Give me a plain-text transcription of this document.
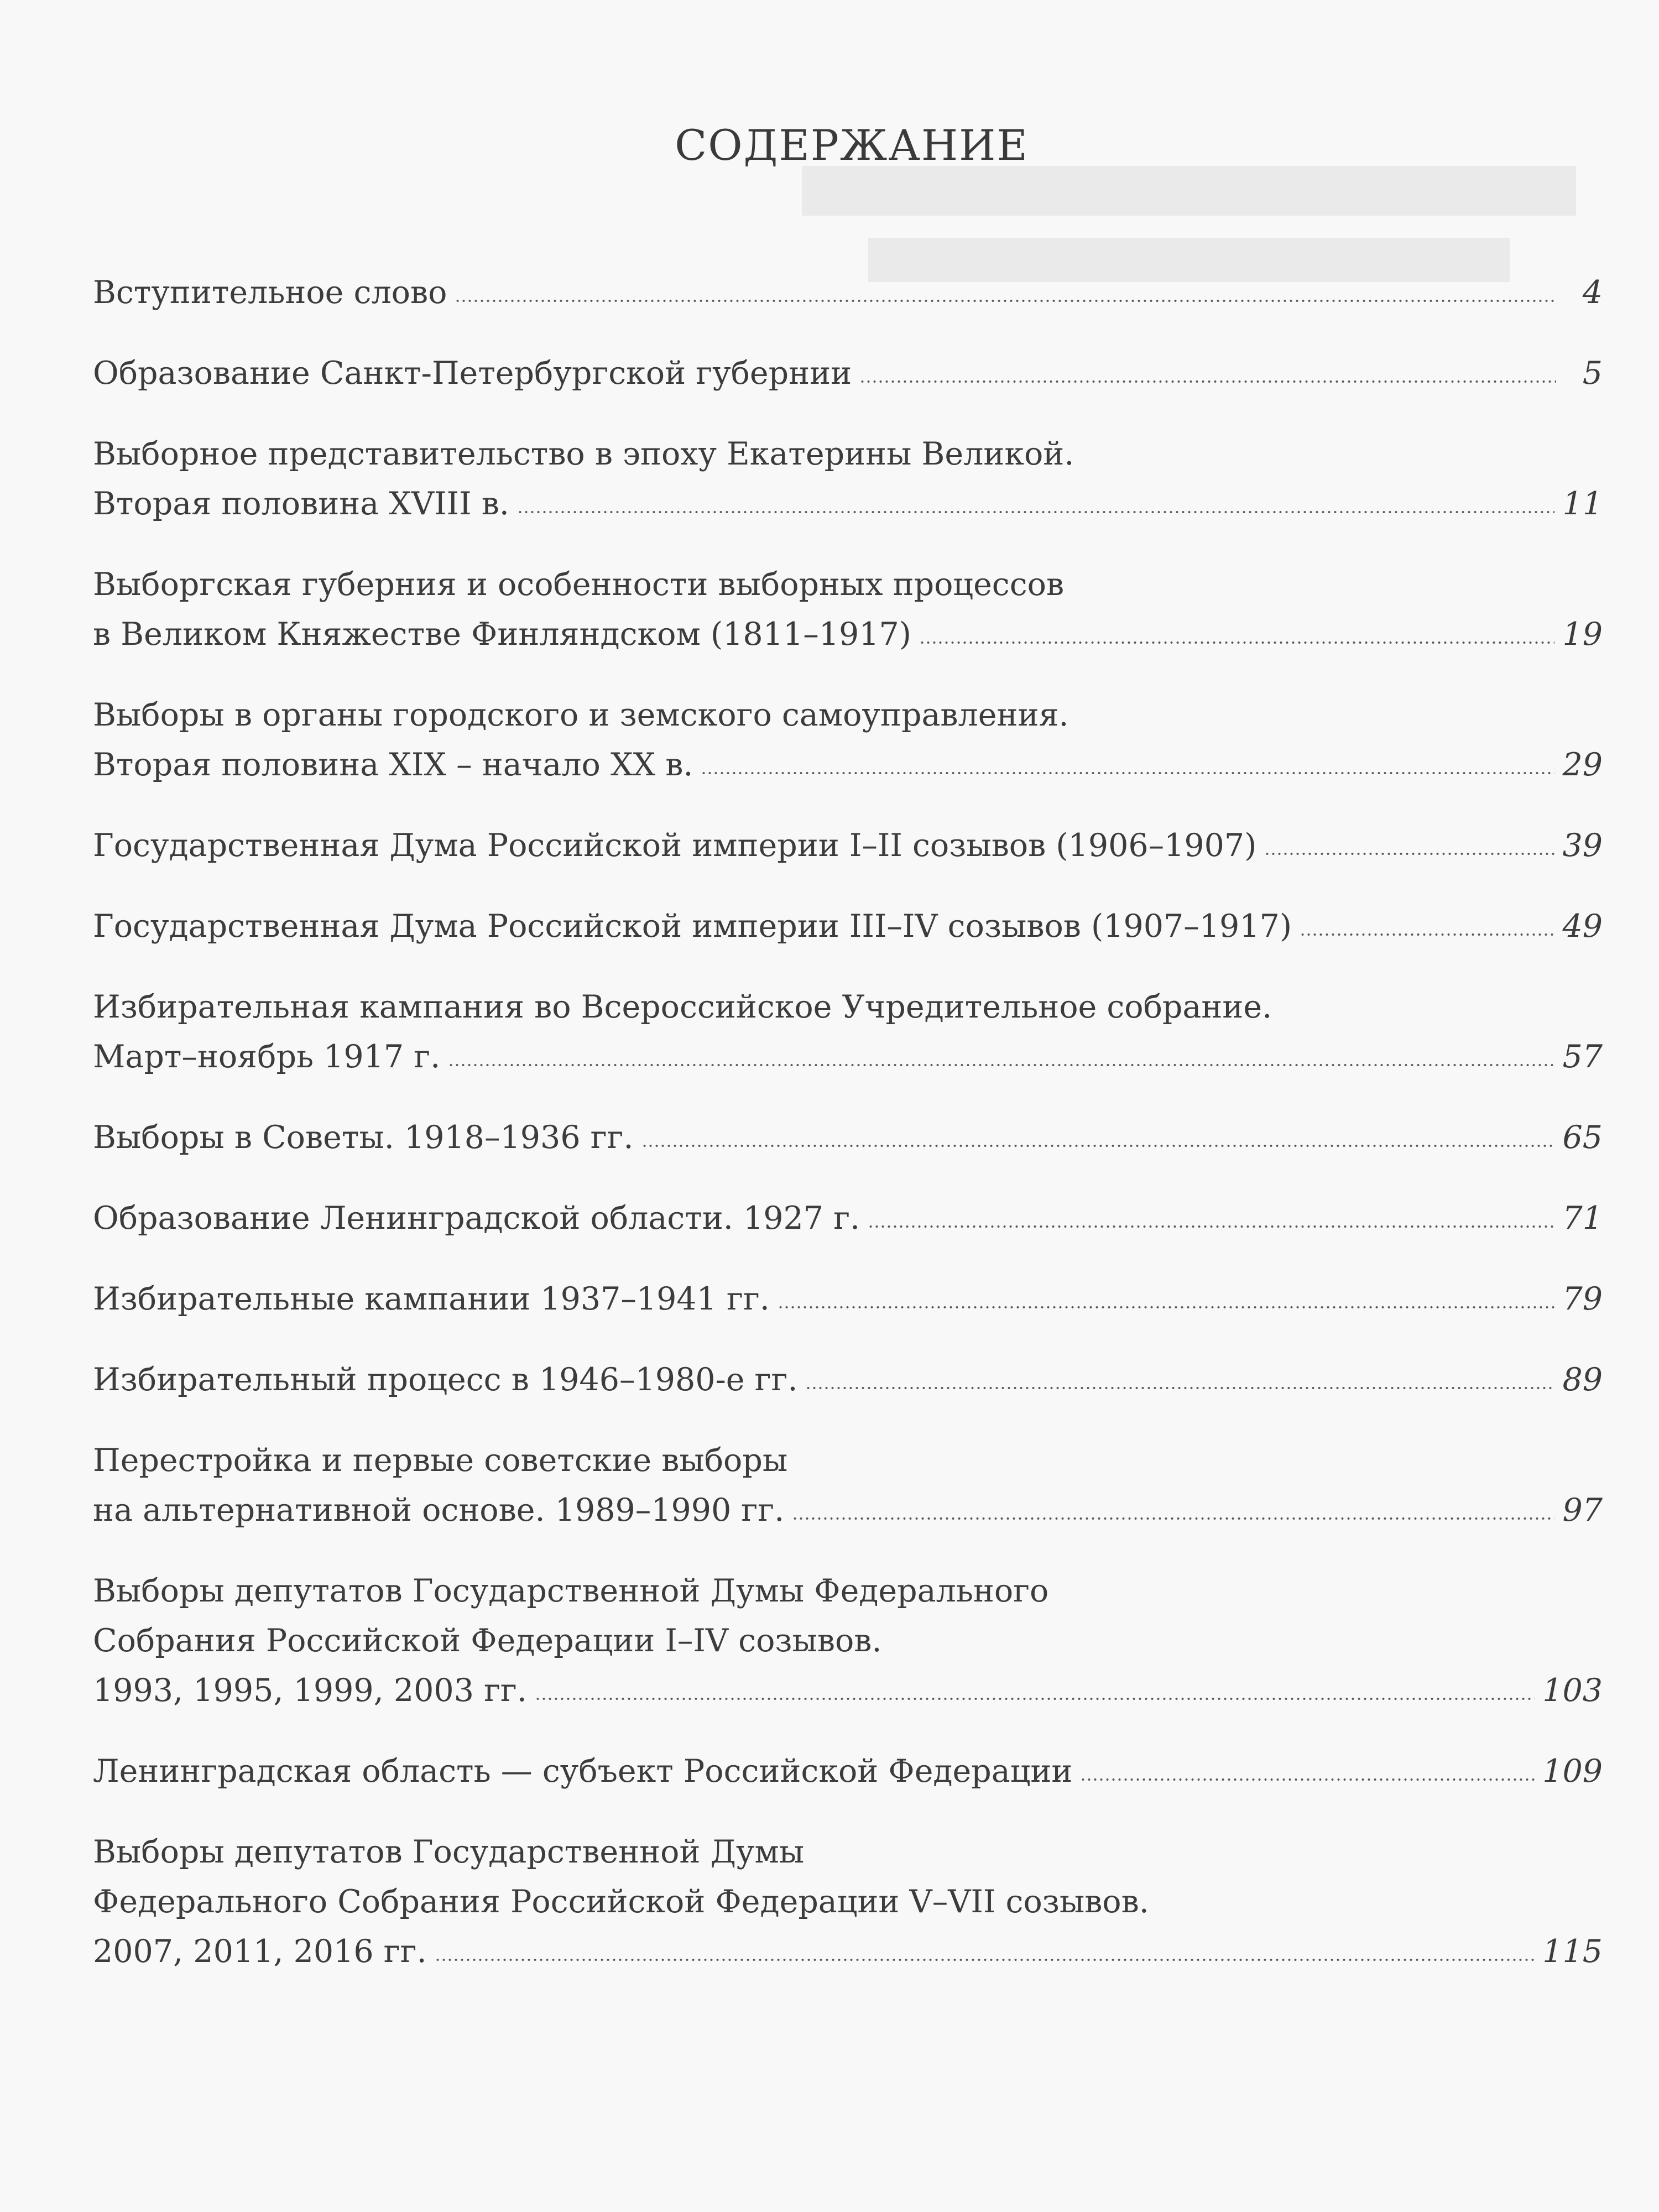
СОДЕРЖАНИЕ
Вступительное слово	4
Образование Санкт-Петербургской губернии	5
Выборное представительство в эпоху Екатерины Великой.
Вторая половина XVIII в.	11
Выборгская губерния и особенности выборных процессов
в Великом Княжестве Финляндском (1811–1917)	19
Выборы в органы городского и земского самоуправления.
Вторая половина XIX – начало XX в.	29
Государственная Дума Российской империи I–II созывов (1906–1907)	39
Государственная Дума Российской империи III–IV созывов (1907–1917)	49
Избирательная кампания во Всероссийское Учредительное собрание.
Март–ноябрь 1917 г.	57
Выборы в Советы. 1918–1936 гг.	65
Образование Ленинградской области. 1927 г.	71
Избирательные кампании 1937–1941 гг.	79
Избирательный процесс в 1946–1980-е гг.	89
Перестройка и первые советские выборы
на альтернативной основе. 1989–1990 гг.	97
Выборы депутатов Государственной Думы Федерального
Собрания Российской Федерации I–IV созывов.
1993, 1995, 1999, 2003 гг.	103
Ленинградская область — субъект Российской Федерации	109
Выборы депутатов Государственной Думы
Федерального Собрания Российской Федерации V–VII созывов.
2007, 2011, 2016 гг.	115
